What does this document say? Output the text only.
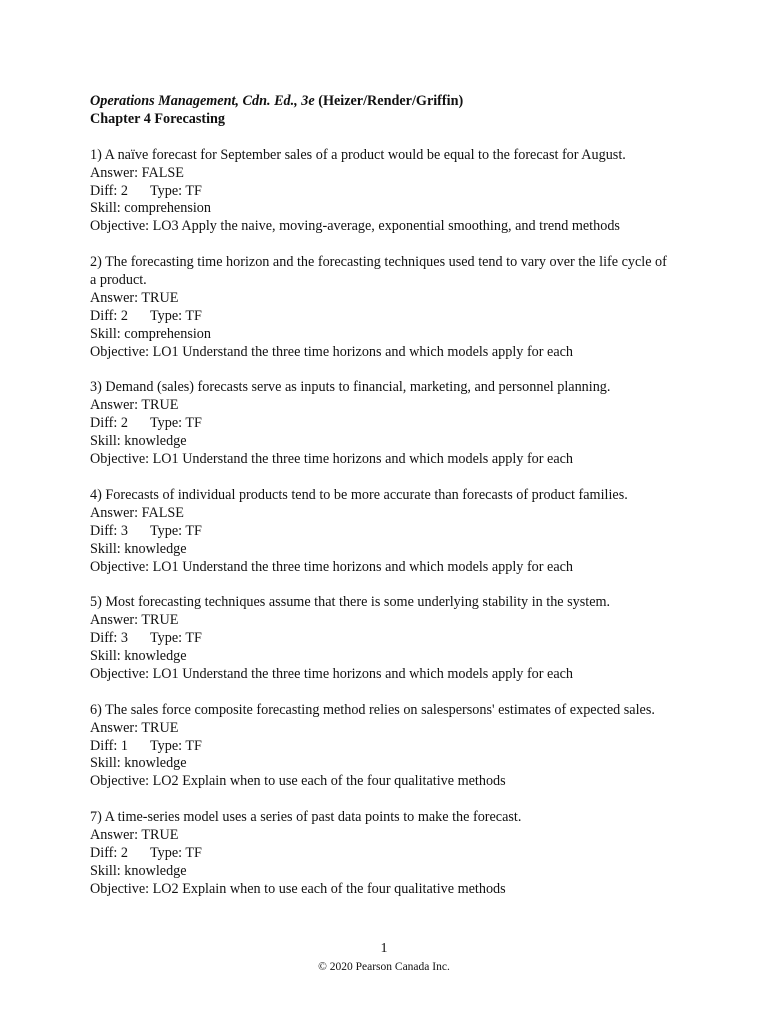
Operations Management, Cdn. Ed., 3e (Heizer/Render/Griffin)
Chapter 4 Forecasting
1) A naïve forecast for September sales of a product would be equal to the forecast for August.
Answer: FALSE
Diff: 2 Type: TF
Skill: comprehension
Objective: LO3 Apply the naive, moving-average, exponential smoothing, and trend methods
2) The forecasting time horizon and the forecasting techniques used tend to vary over the life cycle of a product.
Answer: TRUE
Diff: 2 Type: TF
Skill: comprehension
Objective: LO1 Understand the three time horizons and which models apply for each
3) Demand (sales) forecasts serve as inputs to financial, marketing, and personnel planning.
Answer: TRUE
Diff: 2 Type: TF
Skill: knowledge
Objective: LO1 Understand the three time horizons and which models apply for each
4) Forecasts of individual products tend to be more accurate than forecasts of product families.
Answer: FALSE
Diff: 3 Type: TF
Skill: knowledge
Objective: LO1 Understand the three time horizons and which models apply for each
5) Most forecasting techniques assume that there is some underlying stability in the system.
Answer: TRUE
Diff: 3 Type: TF
Skill: knowledge
Objective: LO1 Understand the three time horizons and which models apply for each
6) The sales force composite forecasting method relies on salespersons' estimates of expected sales.
Answer: TRUE
Diff: 1 Type: TF
Skill: knowledge
Objective: LO2 Explain when to use each of the four qualitative methods
7) A time-series model uses a series of past data points to make the forecast.
Answer: TRUE
Diff: 2 Type: TF
Skill: knowledge
Objective: LO2 Explain when to use each of the four qualitative methods
1
© 2020 Pearson Canada Inc.
